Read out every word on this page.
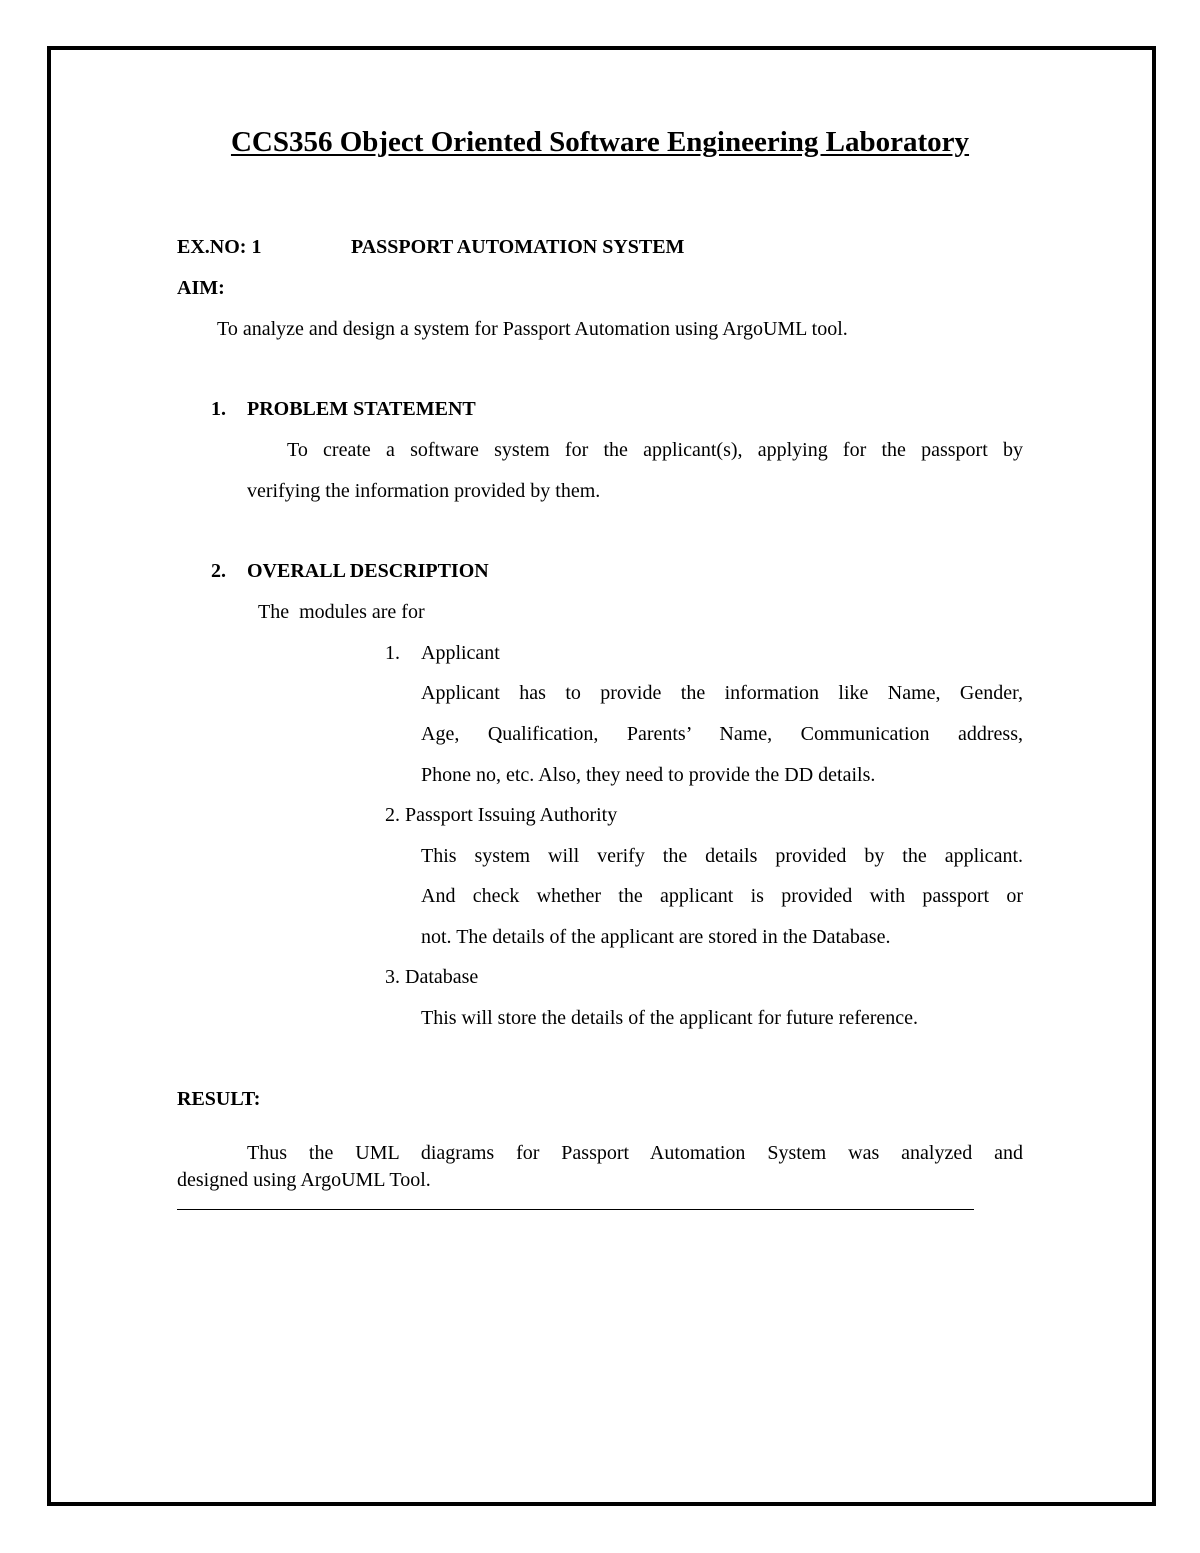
CCS356 Object Oriented Software Engineering Laboratory
EX.NO: 1	PASSPORT AUTOMATION SYSTEM
AIM:
To analyze and design a system for Passport Automation using ArgoUML tool.
1. PROBLEM STATEMENT
To create a software system for the applicant(s), applying for the passport by
verifying the information provided by them.
2. OVERALL DESCRIPTION
The  modules are for
1. Applicant
Applicant has to provide the information like Name, Gender,
Age, Qualification, Parents’ Name, Communication address,
Phone no, etc. Also, they need to provide the DD details.
2. Passport Issuing Authority
This system will verify the details provided by the applicant.
And check whether the applicant is provided with passport or
not. The details of the applicant are stored in the Database.
3. Database
This will store the details of the applicant for future reference.
RESULT:
Thus the UML diagrams for Passport Automation System was analyzed and
designed using ArgoUML Tool.
